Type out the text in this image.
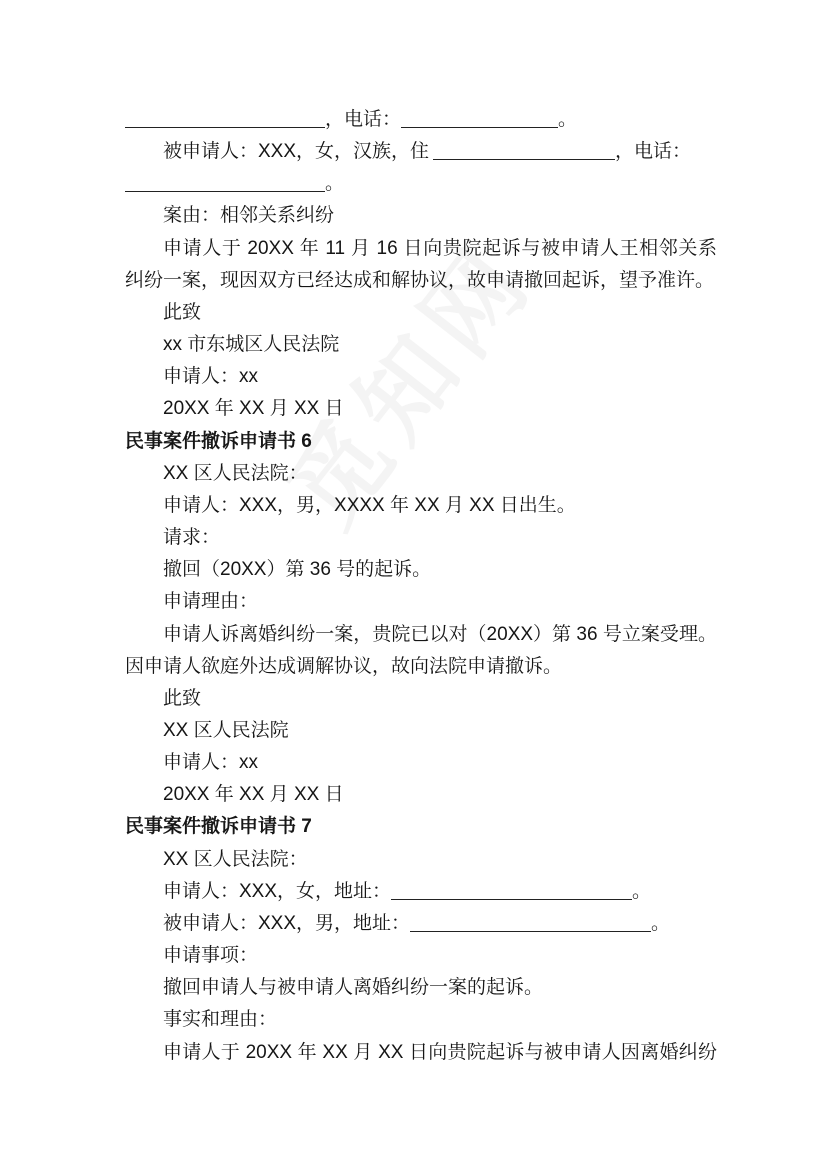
，电话：	。
被申请人：XXX，女，汉族，住	，电话：
。
案由：相邻关系纠纷
申请人于 20XX 年 11 月 16 日向贵院起诉与被申请人王相邻关系
纠纷一案，现因双方已经达成和解协议，故申请撤回起诉，望予准许。
此致
xx 市东城区人民法院
申请人：xx
20XX 年 XX 月 XX 日
民事案件撤诉申请书 6
XX 区人民法院：
申请人：XXX，男，XXXX 年 XX 月 XX 日出生。
请求：
撤回（20XX）第 36 号的起诉。
申请理由：
申请人诉离婚纠纷一案，贵院已以对（20XX）第 36 号立案受理。
因申请人欲庭外达成调解协议，故向法院申请撤诉。
此致
XX 区人民法院
申请人：xx
20XX 年 XX 月 XX 日
民事案件撤诉申请书 7
XX 区人民法院：
申请人：XXX，女，地址：	。
被申请人：XXX，男，地址：	。
申请事项：
撤回申请人与被申请人离婚纠纷一案的起诉。
事实和理由：
申请人于 20XX 年 XX 月 XX 日向贵院起诉与被申请人因离婚纠纷
